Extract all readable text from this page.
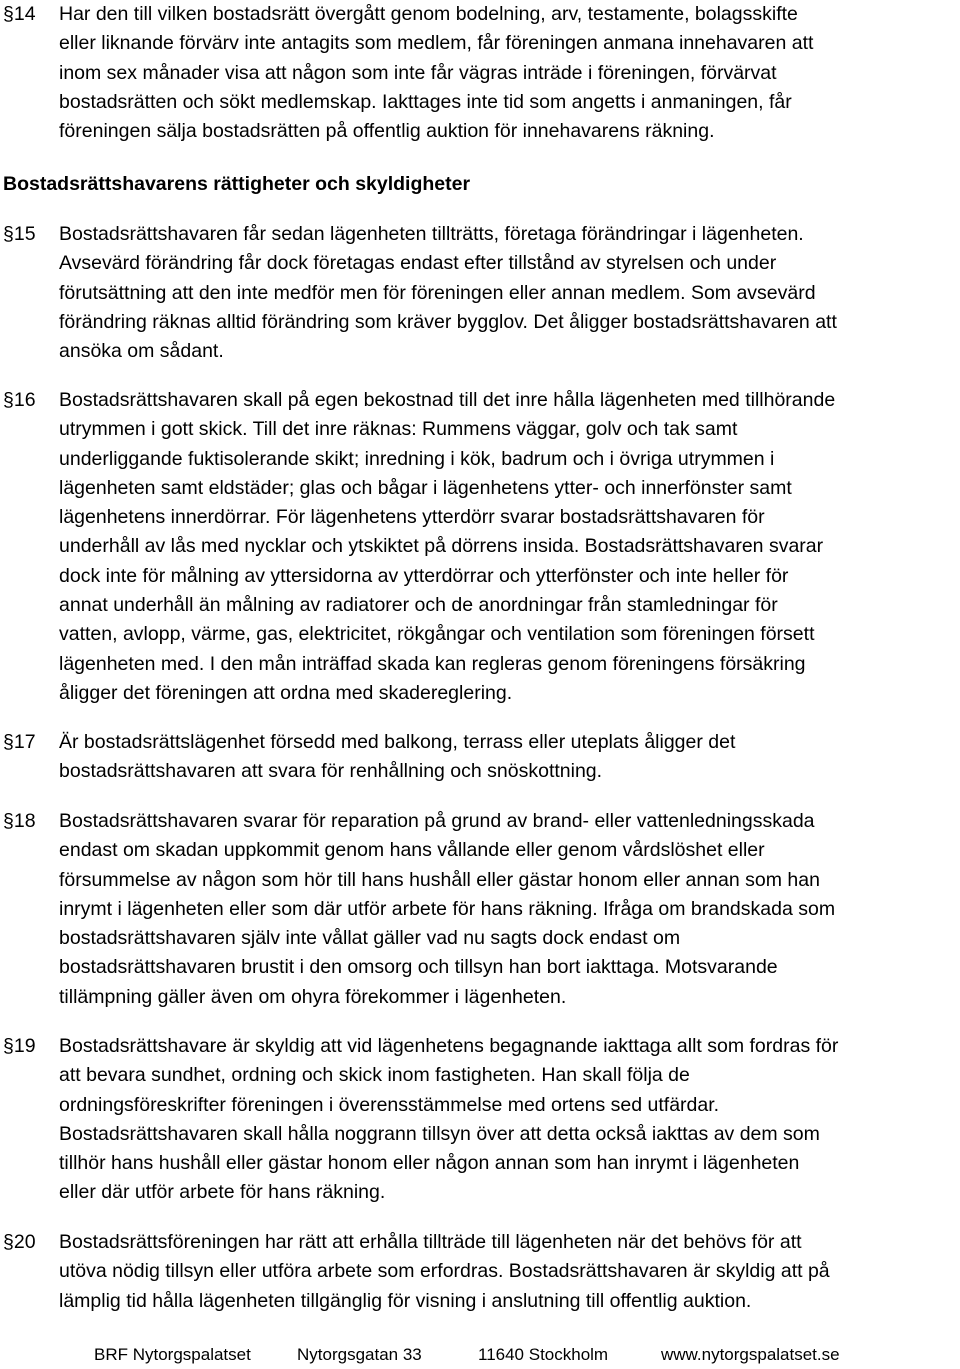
§14 Har den till vilken bostadsrätt övergått genom bodelning, arv, testamente, bolagsskifte
eller liknande förvärv inte antagits som medlem, får föreningen anmana innehavaren att
inom sex månader visa att någon som inte får vägras inträde i föreningen, förvärvat
bostadsrätten och sökt medlemskap. Iakttages inte tid som angetts i anmaningen, får
föreningen sälja bostadsrätten på offentlig auktion för innehavarens räkning.
Bostadsrättshavarens rättigheter och skyldigheter
§15 Bostadsrättshavaren får sedan lägenheten tillträtts, företaga förändringar i lägenheten.
Avsevärd förändring får dock företagas endast efter tillstånd av styrelsen och under
förutsättning att den inte medför men för föreningen eller annan medlem. Som avsevärd
förändring räknas alltid förändring som kräver bygglov. Det åligger bostadsrättshavaren att
ansöka om sådant.
§16 Bostadsrättshavaren skall på egen bekostnad till det inre hålla lägenheten med tillhörande
utrymmen i gott skick. Till det inre räknas: Rummens väggar, golv och tak samt
underliggande fuktisolerande skikt; inredning i kök, badrum och i övriga utrymmen i
lägenheten samt eldstäder; glas och bågar i lägenhetens ytter- och innerfönster samt
lägenhetens innerdörrar. För lägenhetens ytterdörr svarar bostadsrättshavaren för
underhåll av lås med nycklar och ytskiktet på dörrens insida. Bostadsrättshavaren svarar
dock inte för målning av yttersidorna av ytterdörrar och ytterfönster och inte heller för
annat underhåll än målning av radiatorer och de anordningar från stamledningar för
vatten, avlopp, värme, gas, elektricitet, rökgångar och ventilation som föreningen försett
lägenheten med. I den mån inträffad skada kan regleras genom föreningens försäkring
åligger det föreningen att ordna med skadereglering.
§17 Är bostadsrättslägenhet försedd med balkong, terrass eller uteplats åligger det
bostadsrättshavaren att svara för renhållning och snöskottning.
§18 Bostadsrättshavaren svarar för reparation på grund av brand- eller vattenledningsskada
endast om skadan uppkommit genom hans vållande eller genom vårdslöshet eller
försummelse av någon som hör till hans hushåll eller gästar honom eller annan som han
inrymt i lägenheten eller som där utför arbete för hans räkning. Ifråga om brandskada som
bostadsrättshavaren själv inte vållat gäller vad nu sagts dock endast om
bostadsrättshavaren brustit i den omsorg och tillsyn han bort iakttaga. Motsvarande
tillämpning gäller även om ohyra förekommer i lägenheten.
§19 Bostadsrättshavare är skyldig att vid lägenhetens begagnande iakttaga allt som fordras för
att bevara sundhet, ordning och skick inom fastigheten. Han skall följa de
ordningsföreskrifter föreningen i överensstämmelse med ortens sed utfärdar.
Bostadsrättshavaren skall hålla noggrann tillsyn över att detta också iakttas av dem som
tillhör hans hushåll eller gästar honom eller någon annan som han inrymt i lägenheten
eller där utför arbete för hans räkning.
§20 Bostadsrättsföreningen har rätt att erhålla tillträde till lägenheten när det behövs för att
utöva nödig tillsyn eller utföra arbete som erfordras. Bostadsrättshavaren är skyldig att på
lämplig tid hålla lägenheten tillgänglig för visning i anslutning till offentlig auktion.
BRF Nytorgspalatset	Nytorgsgatan 33	11640 Stockholm	www.nytorgspalatset.se
